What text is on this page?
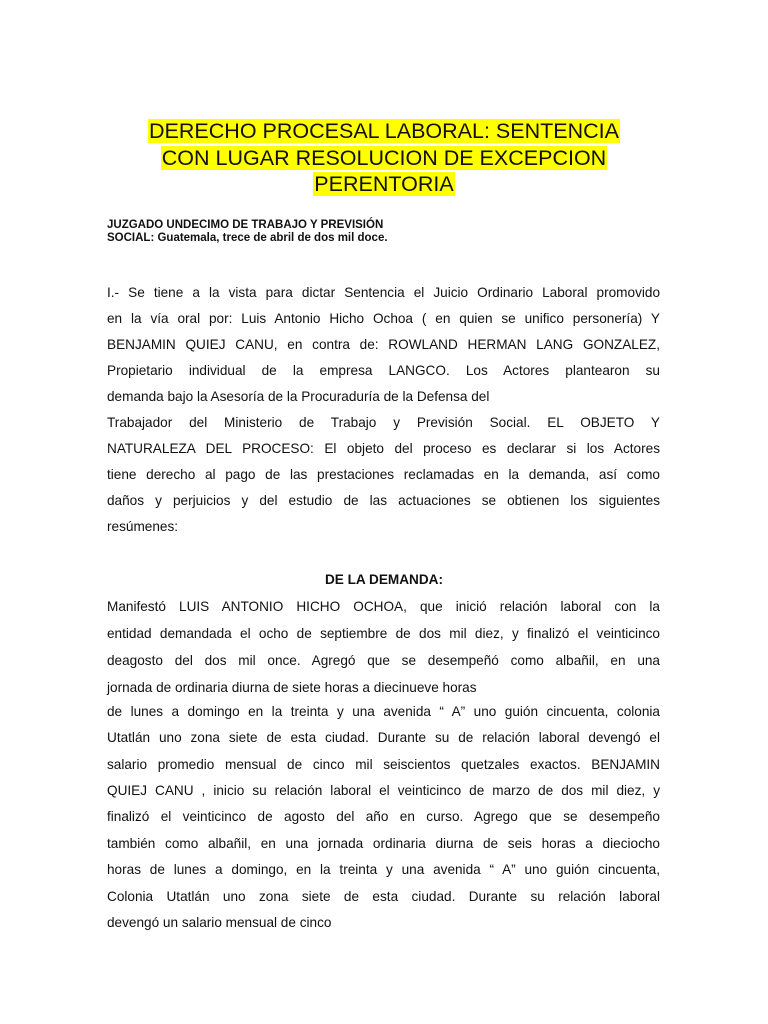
DERECHO PROCESAL LABORAL: SENTENCIA
CON LUGAR RESOLUCION DE EXCEPCION
PERENTORIA
JUZGADO UNDECIMO DE TRABAJO Y PREVISIÓN
SOCIAL: Guatemala, trece de abril de dos mil doce.
I.- Se tiene a la vista para dictar Sentencia el Juicio Ordinario Laboral promovido
en la vía oral por: Luis Antonio Hicho Ochoa ( en quien se unifico personería) Y
BENJAMIN QUIEJ CANU, en contra de: ROWLAND HERMAN LANG GONZALEZ,
Propietario individual de la empresa LANGCO. Los Actores plantearon su
demanda bajo la Asesoría de la Procuraduría de la Defensa del
Trabajador del Ministerio de Trabajo y Previsión Social. EL OBJETO Y
NATURALEZA DEL PROCESO: El objeto del proceso es declarar si los Actores
tiene derecho al pago de las prestaciones reclamadas en la demanda, así como
daños y perjuicios y del estudio de las actuaciones se obtienen los siguientes
resúmenes:
DE LA DEMANDA:
Manifestó LUIS ANTONIO HICHO OCHOA, que inició relación laboral con la
entidad demandada el ocho de septiembre de dos mil diez, y finalizó el veinticinco
deagosto del dos mil once. Agregó que se desempeñó como albañil, en una
jornada de ordinaria diurna de siete horas a diecinueve horas
de lunes a domingo en la treinta y una avenida “ A” uno guión cincuenta, colonia
Utatlán uno zona siete de esta ciudad. Durante su de relación laboral devengó el
salario promedio mensual de cinco mil seiscientos quetzales exactos. BENJAMIN
QUIEJ CANU , inicio su relación laboral el veinticinco de marzo de dos mil diez, y
finalizó el veinticinco de agosto del año en curso. Agrego que se desempeño
también como albañil, en una jornada ordinaria diurna de seis horas a dieciocho
horas de lunes a domingo, en la treinta y una avenida “ A” uno guión cincuenta,
Colonia Utatlán uno zona siete de esta ciudad. Durante su relación laboral
devengó un salario mensual de cinco
